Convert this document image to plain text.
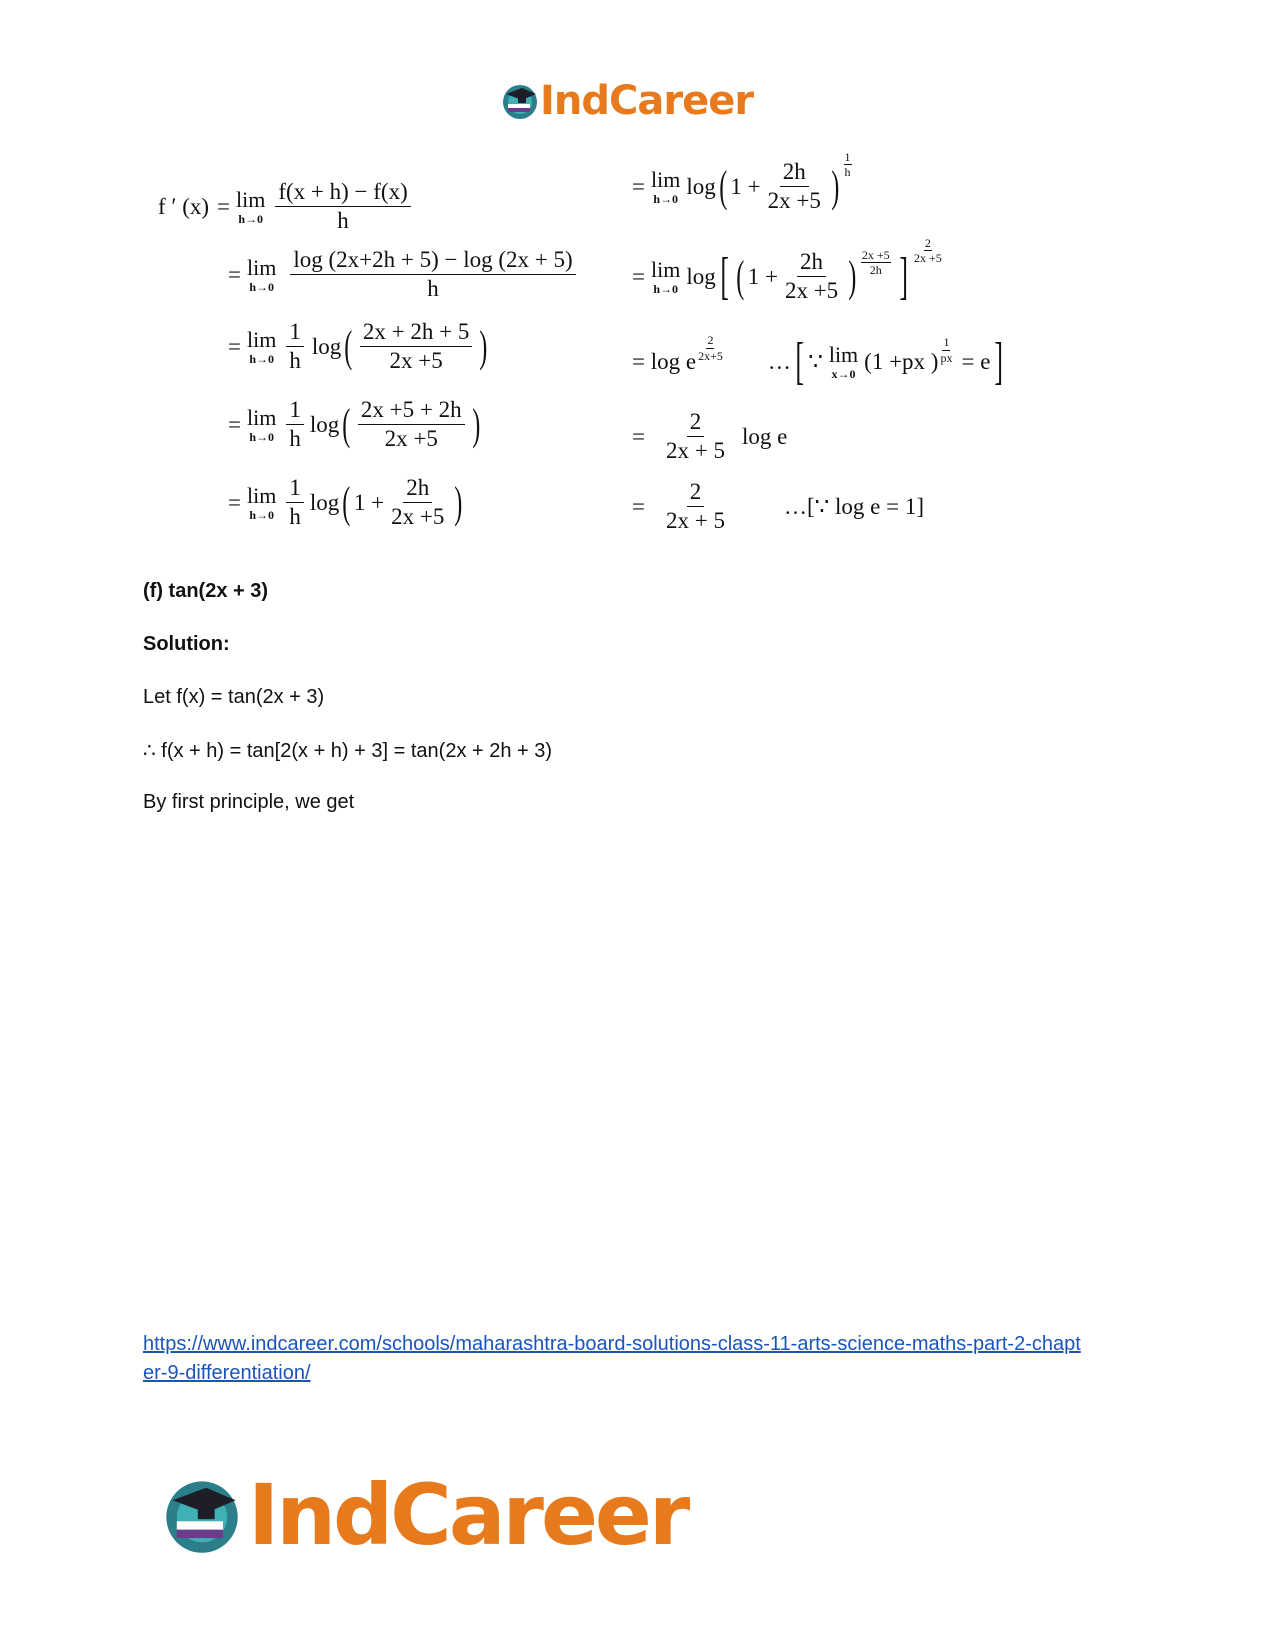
IndCareer
f ′ (x) = lim
$h\to 0 \frac{f(x + h) - f(x)}{h}$
= lim
$h\to 0 \frac{\log (2x+2h + 5) - \log (2x + 5)}{h}$
= lim
$h\to 0 \frac{1}{h}$ log ( $\frac{2x + 2h + 5}{2x +5}$ )
= lim
$h\to 0 \frac{1}{h}$ log ( $\frac{2x +5 + 2h}{2x +5}$ )
= lim
$h\to 0 \frac{1}{h}$ log ( $1 + \frac{2h}{2x +5}$ )
= lim
h→0 log ( $1 + \frac{2h}{2x +5}$ ) $\frac{1}{h}$
= lim
h→0 log [ ( $1 + \frac{2h}{2x +5}$ ) $\frac{2x +5}{2h}$ ] $\frac{2}{2x +5}$
= log e $\frac{2}{2x+5}$ … [ ∵ lim
x→0 (1 +px ) $\frac{1}{px} = e$ ]
= $\frac{2}{2x + 5}$ log e
= $\frac{2}{2x + 5}$ …[∵ log e = 1]
(f) tan(2x + 3)
Solution:
Let f(x) = tan(2x + 3)
∴ f(x + h) = tan[2(x + h) + 3] = tan(2x + 2h + 3)
By first principle, we get
https://www.indcareer.com/schools/maharashtra-board-solutions-class-11-arts-science-maths-part-2-chapter-9-differentiation/
IndCareer
